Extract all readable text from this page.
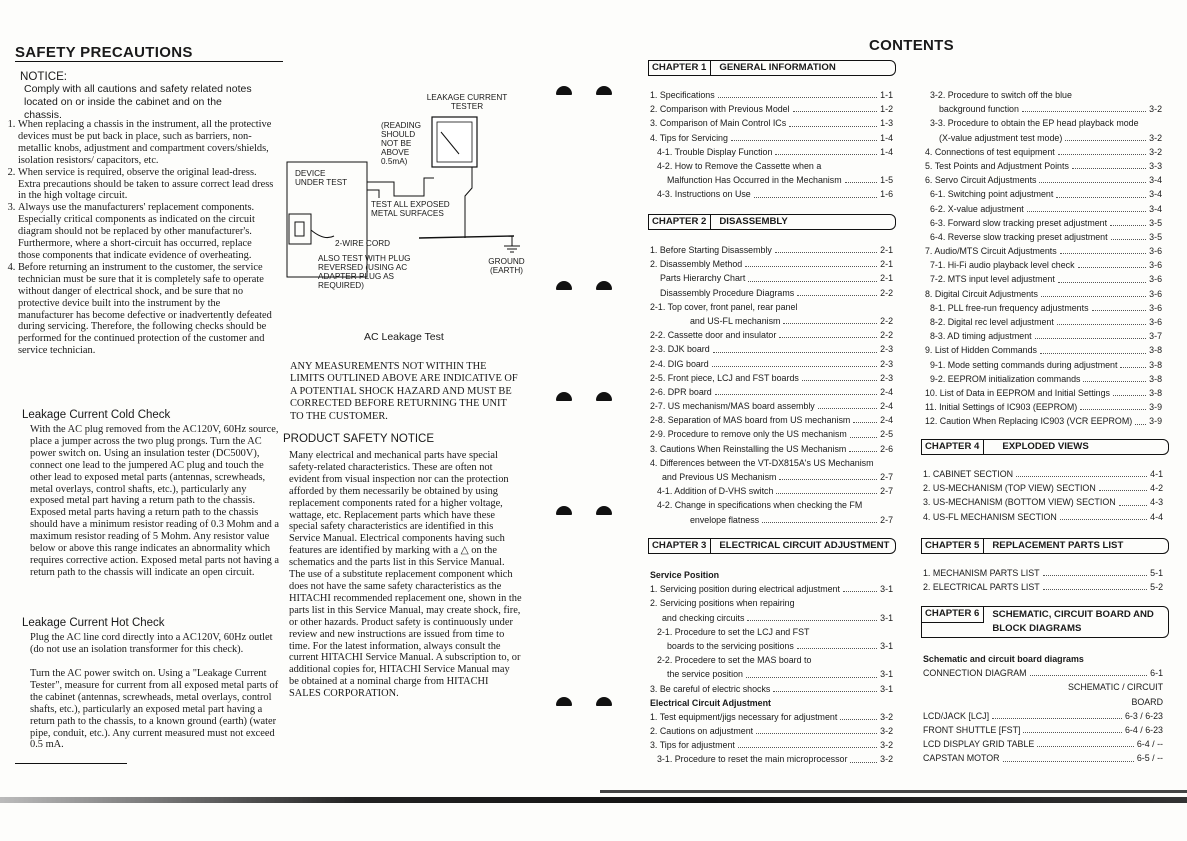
SAFETY PRECAUTIONS
NOTICE:
Comply with all cautions and safety related notes located on or inside the cabinet and on the chassis.
1. When replacing a chassis in the instrument, all the protective devices must be put back in place, such as barriers, non-metallic knobs, adjustment and compartment covers/shields, isolation resistors/ capacitors, etc.
2. When service is required, observe the original lead-dress. Extra precautions should be taken to assure correct lead dress in the high voltage circuit.
3. Always use the manufacturers' replacement components. Especially critical components as indicated on the circuit diagram should not be replaced by other manufacturer's. Furthermore, where a short-circuit has occurred, replace those components that indicate evidence of overheating.
4. Before returning an instrument to the customer, the service technician must be sure that it is completely safe to operate without danger of electrical shock, and be sure that no protective device built into the instrument by the manufacturer has become defective or inadvertently defeated during servicing. Therefore, the following checks should be performed for the continued protection of the customer and service technician.
Leakage Current Cold Check
With the AC plug removed from the AC120V, 60Hz source, place a jumper across the two plug prongs. Turn the AC power switch on. Using an insulation tester (DC500V), connect one lead to the jumpered AC plug and touch the other lead to exposed metal parts (antennas, screwheads, metal overlays, control shafts, etc.), particularly any exposed metal part having a return path to the chassis. Exposed metal parts having a return path to the chassis should have a minimum resistor reading of 0.3 Mohm and a maximum resistor reading of 5 Mohm. Any resistor value below or above this range indicates an abnormality which requires corrective action. Exposed metal parts not having a return path to the chassis will indicate an open circuit.
Leakage Current Hot Check
Plug the AC line cord directly into a AC120V, 60Hz outlet (do not use an isolation transformer for this check).
Turn the AC power switch on. Using a "Leakage Current Tester", measure for current from all exposed metal parts of the cabinet (antennas, screwheads, metal overlays, control shafts, etc.), particularly an exposed metal part having a return path to the chassis, to a known ground (earth) (water pipe, conduit, etc.). Any current measured must not exceed 0.5 mA.
LEAKAGE CURRENT TESTER
(READING SHOULD NOT BE ABOVE 0.5mA)
DEVICE UNDER TEST
TEST ALL EXPOSED METAL SURFACES
2-WIRE CORD
ALSO TEST WITH PLUG REVERSED (USING AC ADAPTER PLUG AS REQUIRED)
GROUND (EARTH)
AC Leakage Test
ANY MEASUREMENTS NOT WITHIN THE LIMITS OUTLINED ABOVE ARE INDICATIVE OF A POTENTIAL SHOCK HAZARD AND MUST BE CORRECTED BEFORE RETURNING THE UNIT TO THE CUSTOMER.
PRODUCT SAFETY NOTICE
Many electrical and mechanical parts have special safety-related characteristics. These are often not evident from visual inspection nor can the protection afforded by them necessarily be obtained by using replacement components rated for a higher voltage, wattage, etc. Replacement parts which have these special safety characteristics are identified in this Service Manual. Electrical components having such features are identified by marking with a △ on the schematics and the parts list in this Service Manual. The use of a substitute replacement component which does not have the same safety characteristics as the HITACHI recommended replacement one, shown in the parts list in this Service Manual, may create shock, fire, or other hazards. Product safety is continuously under review and new instructions are issued from time to time. For the latest information, always consult the current HITACHI Service Manual. A subscription to, or additional copies for, HITACHI Service Manual may be obtained at a nominal charge from HITACHI SALES CORPORATION.
CONTENTS
CHAPTER 1	GENERAL INFORMATION
1. Specifications	1-1
2. Comparison with Previous Model	1-2
3. Comparison of Main Control ICs	1-3
4. Tips for Servicing	1-4
4-1. Trouble Display Function	1-4
4-2. How to Remove the Cassette when a
Malfunction Has Occurred in the Mechanism	1-5
4-3. Instructions on Use	1-6
CHAPTER 2	DISASSEMBLY
1. Before Starting Disassembly	2-1
2. Disassembly Method	2-1
Parts Hierarchy Chart	2-1
Disassembly Procedure Diagrams	2-2
2-1. Top cover, front panel, rear panel
and US-FL mechanism	2-2
2-2. Cassette door and insulator	2-2
2-3. DJK board	2-3
2-4. DIG board	2-3
2-5. Front piece, LCJ and FST boards	2-3
2-6. DPR board	2-4
2-7. US mechanism/MAS board assembly	2-4
2-8. Separation of MAS board from US mechanism	2-4
2-9. Procedure to remove only the US mechanism	2-5
3. Cautions When Reinstalling the US Mechanism	2-6
4. Differences between the VT-DX815A's US Mechanism
and Previous US Mechanism	2-7
4-1. Addition of D-VHS switch	2-7
4-2. Change in specifications when checking the FM
envelope flatness	2-7
CHAPTER 3	ELECTRICAL CIRCUIT ADJUSTMENT
Service Position
1. Servicing position during electrical adjustment	3-1
2. Servicing positions when repairing
and checking circuits	3-1
2-1. Procedure to set the LCJ and FST
boards to the servicing positions	3-1
2-2. Procedere to set the MAS board to
the service position	3-1
3. Be careful of electric shocks	3-1
Electrical Circuit Adjustment
1. Test equipment/jigs necessary for adjustment	3-2
2. Cautions on adjustment	3-2
3. Tips for adjustment	3-2
3-1. Procedure to reset the main microprocessor	3-2
3-2. Procedure to switch off the blue
background function	3-2
3-3. Procedure to obtain the EP head playback mode
(X-value adjustment test mode)	3-2
4. Connections of test equipment	3-2
5. Test Points and Adjustment Points	3-3
6. Servo Circuit Adjustments	3-4
6-1. Switching point adjustment	3-4
6-2. X-value adjustment	3-4
6-3. Forward slow tracking preset adjustment	3-5
6-4. Reverse slow tracking preset adjustment	3-5
7. Audio/MTS Circuit Adjustments	3-6
7-1. Hi-Fi audio playback level check	3-6
7-2. MTS input level adjustment	3-6
8. Digital Circuit Adjustments	3-6
8-1. PLL free-run frequency adjustments	3-6
8-2. Digital rec level adjustment	3-6
8-3. AD timing adjustment	3-7
9. List of Hidden Commands	3-8
9-1. Mode setting commands during adjustment	3-8
9-2. EEPROM initialization commands	3-8
10. List of Data in EEPROM and Initial Settings	3-8
11. Initial Settings of IC903 (EEPROM)	3-9
12. Caution When Replacing IC903 (VCR EEPROM) 3-9
CHAPTER 4	EXPLODED VIEWS
1. CABINET SECTION	4-1
2. US-MECHANISM (TOP VIEW) SECTION	4-2
3. US-MECHANISM (BOTTOM VIEW) SECTION	4-3
4. US-FL MECHANISM SECTION	4-4
CHAPTER 5	REPLACEMENT PARTS LIST
1. MECHANISM PARTS LIST	5-1
2. ELECTRICAL PARTS LIST	5-2
CHAPTER 6	SCHEMATIC, CIRCUIT BOARD AND
BLOCK DIAGRAMS
Schematic and circuit board diagrams
CONNECTION DIAGRAM	6-1
SCHEMATIC / CIRCUIT
BOARD
LCD/JACK [LCJ]	6-3 / 6-23
FRONT SHUTTLE [FST]	6-4 / 6-23
LCD DISPLAY GRID TABLE	6-4 / --
CAPSTAN MOTOR	6-5 / --
